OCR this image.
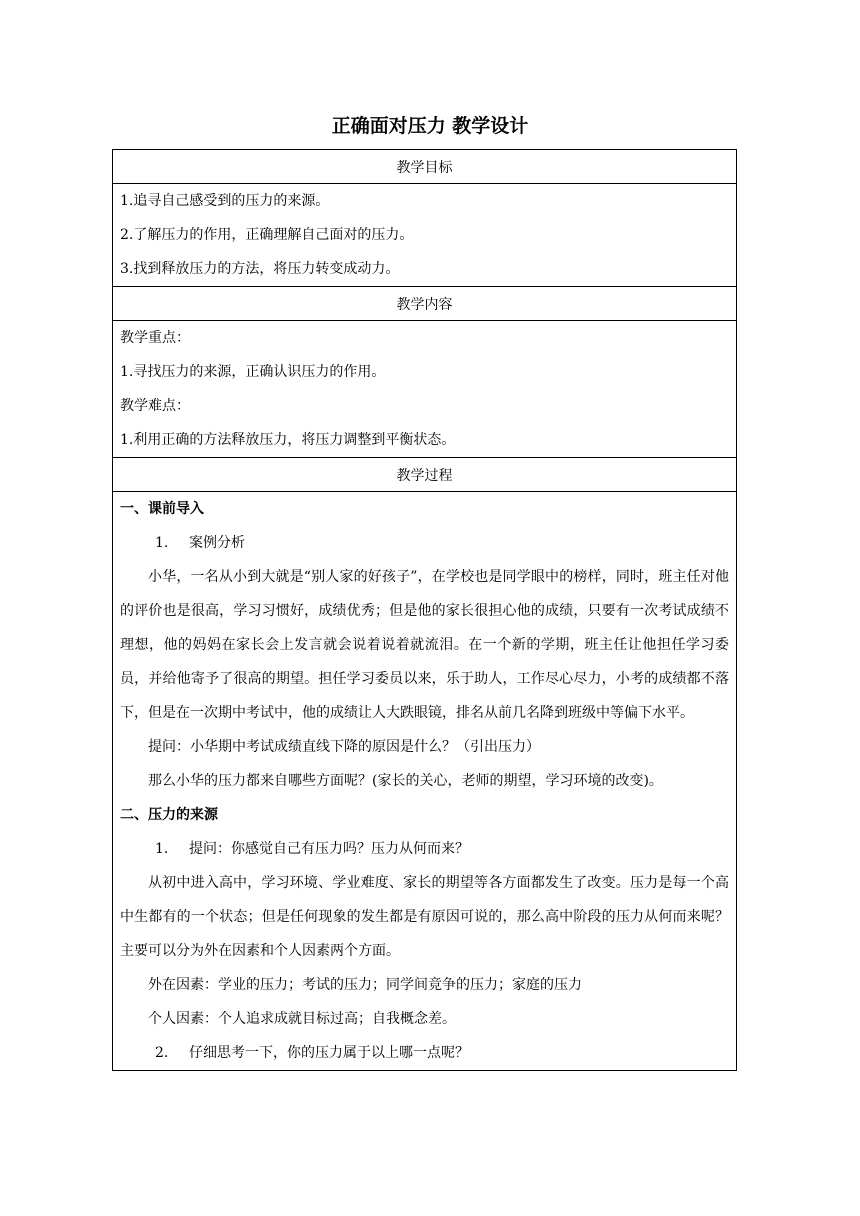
正确面对压力 教学设计
教学目标

1.追寻自己感受到的压力的来源。
2.了解压力的作用，正确理解自己面对的压力。
3.找到释放压力的方法，将压力转变成动力。

教学内容

教学重点：
1.寻找压力的来源，正确认识压力的作用。
教学难点：
1.利用正确的方法释放压力，将压力调整到平衡状态。

教学过程

一、课前导入
1. 案例分析

小华，一名从小到大就是“别人家的好孩子”，在学校也是同学眼中的榜样，同时，班主任对他的评价也是很高，学习习惯好，成绩优秀；但是他的家长很担心他的成绩，只要有一次考试成绩不理想，他的妈妈在家长会上发言就会说着说着就流泪。在一个新的学期，班主任让他担任学习委员，并给他寄予了很高的期望。担任学习委员以来，乐于助人，工作尽心尽力，小考的成绩都不落下，但是在一次期中考试中，他的成绩让人大跌眼镜，排名从前几名降到班级中等偏下水平。

提问：小华期中考试成绩直线下降的原因是什么？（引出压力）
那么小华的压力都来自哪些方面呢？(家长的关心，老师的期望，学习环境的改变)。
二、压力的来源
1. 提问：你感觉自己有压力吗？压力从何而来？

从初中进入高中，学习环境、学业难度、家长的期望等各方面都发生了改变。压力是每一个高中生都有的一个状态；但是任何现象的发生都是有原因可说的，那么高中阶段的压力从何而来呢？主要可以分为外在因素和个人因素两个方面。

外在因素：学业的压力；考试的压力；同学间竞争的压力；家庭的压力
个人因素：个人追求成就目标过高；自我概念差。
2. 仔细思考一下，你的压力属于以上哪一点呢？
